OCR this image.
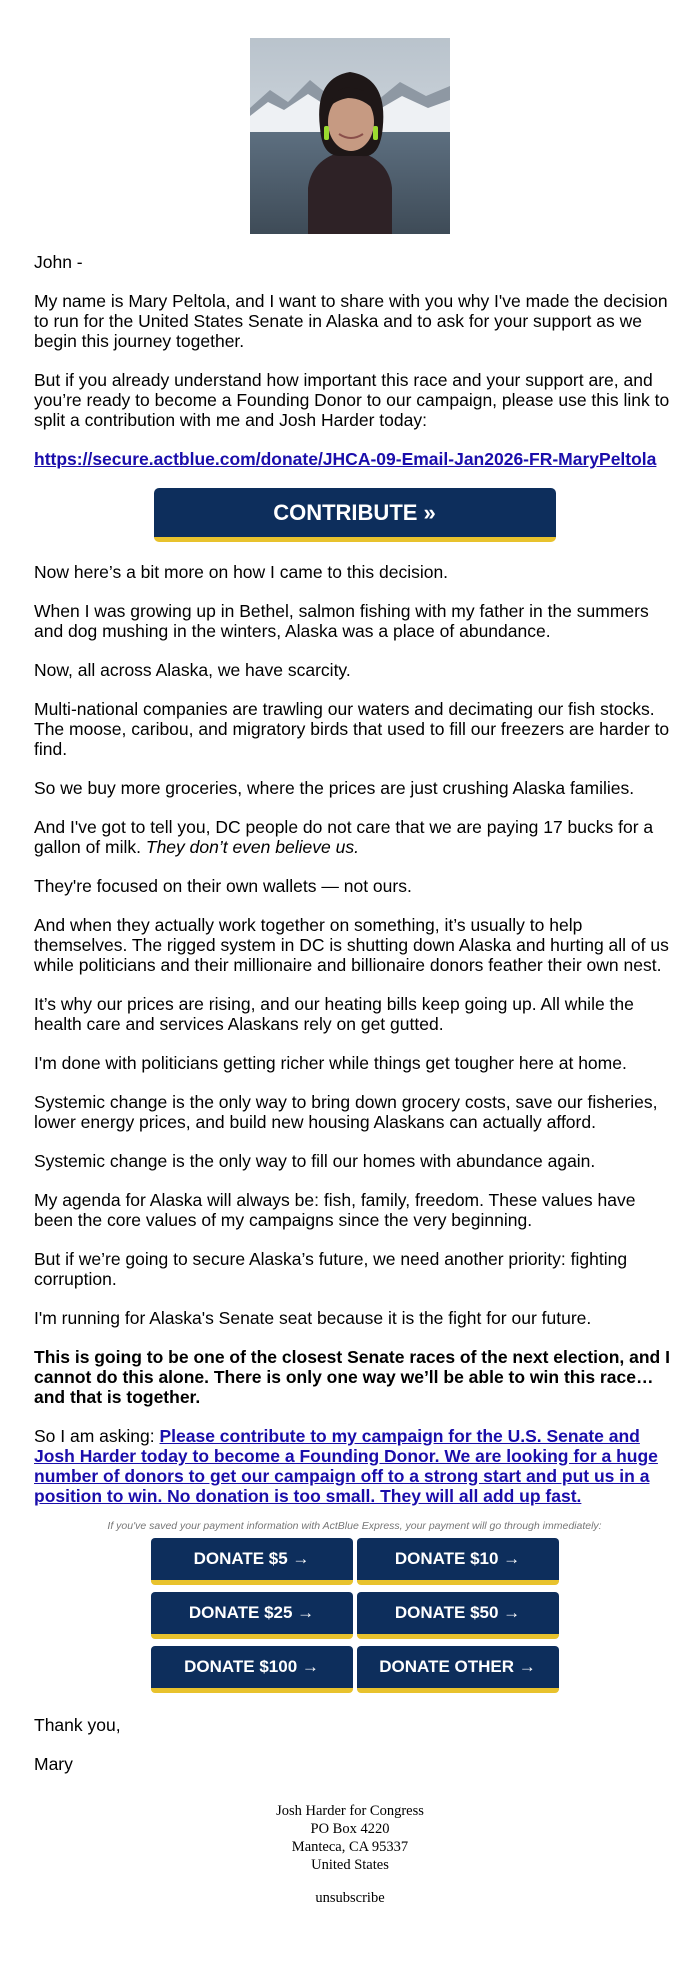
John -

My name is Mary Peltola, and I want to share with you why I've made the decision to run for the United States Senate in Alaska and to ask for your support as we begin this journey together.

But if you already understand how important this race and your support are, and you’re ready to become a Founding Donor to our campaign, please use this link to split a contribution with me and Josh Harder today:

https://secure.actblue.com/donate/JHCA-09-Email-Jan2026-FR-MaryPeltola

CONTRIBUTE »

Now here’s a bit more on how I came to this decision.

When I was growing up in Bethel, salmon fishing with my father in the summers and dog mushing in the winters, Alaska was a place of abundance.

Now, all across Alaska, we have scarcity.

Multi-national companies are trawling our waters and decimating our fish stocks. The moose, caribou, and migratory birds that used to fill our freezers are harder to find.

So we buy more groceries, where the prices are just crushing Alaska families.

And I've got to tell you, DC people do not care that we are paying 17 bucks for a gallon of milk. They don’t even believe us.

They're focused on their own wallets — not ours.

And when they actually work together on something, it’s usually to help themselves. The rigged system in DC is shutting down Alaska and hurting all of us while politicians and their millionaire and billionaire donors feather their own nest.

It’s why our prices are rising, and our heating bills keep going up. All while the health care and services Alaskans rely on get gutted.

I'm done with politicians getting richer while things get tougher here at home.

Systemic change is the only way to bring down grocery costs, save our fisheries, lower energy prices, and build new housing Alaskans can actually afford.

Systemic change is the only way to fill our homes with abundance again.

My agenda for Alaska will always be: fish, family, freedom. These values have been the core values of my campaigns since the very beginning.

But if we’re going to secure Alaska’s future, we need another priority: fighting corruption.

I'm running for Alaska's Senate seat because it is the fight for our future.

This is going to be one of the closest Senate races of the next election, and I cannot do this alone. There is only one way we’ll be able to win this race… and that is together.

So I am asking: Please contribute to my campaign for the U.S. Senate and Josh Harder today to become a Founding Donor. We are looking for a huge number of donors to get our campaign off to a strong start and put us in a position to win. No donation is too small. They will all add up fast.

If you've saved your payment information with ActBlue Express, your payment will go through immediately:
DONATE $5 →	DONATE $10 →
DONATE $25 →	DONATE $50 →
DONATE $100 →	DONATE OTHER →

Thank you,

Mary

Josh Harder for Congress
PO Box 4220
Manteca, CA 95337
United States
unsubscribe
